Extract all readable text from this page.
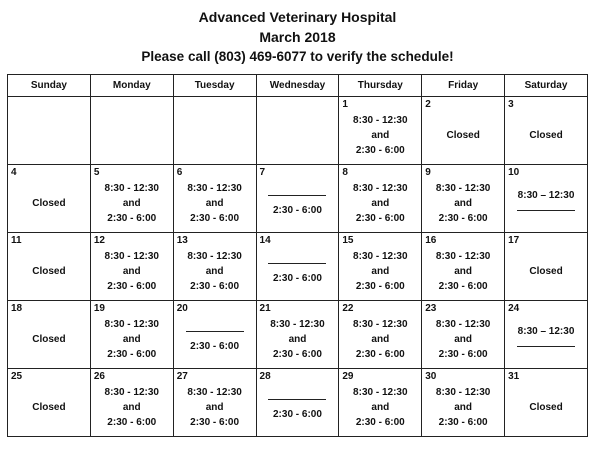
Advanced Veterinary Hospital
March 2018
Please call (803) 469-6077 to verify the schedule!
Sunday	Monday	Tuesday	Wednesday	Thursday	Friday	Saturday

				1
8:30 - 12:30
and
2:30 - 6:00	2
Closed	3
Closed

4
Closed	5
8:30 - 12:30
and
2:30 - 6:00	6
8:30 - 12:30
and
2:30 - 6:00	7
2:30 - 6:00	8
8:30 - 12:30
and
2:30 - 6:00	9
8:30 - 12:30
and
2:30 - 6:00	10
8:30 – 12:30

11
Closed	12
8:30 - 12:30
and
2:30 - 6:00	13
8:30 - 12:30
and
2:30 - 6:00	14
2:30 - 6:00	15
8:30 - 12:30
and
2:30 - 6:00	16
8:30 - 12:30
and
2:30 - 6:00	17
Closed

18
Closed	19
8:30 - 12:30
and
2:30 - 6:00	20
2:30 - 6:00	21
8:30 - 12:30
and
2:30 - 6:00	22
8:30 - 12:30
and
2:30 - 6:00	23
8:30 - 12:30
and
2:30 - 6:00	24
8:30 – 12:30

25
Closed	26
8:30 - 12:30
and
2:30 - 6:00	27
8:30 - 12:30
and
2:30 - 6:00	28
2:30 - 6:00	29
8:30 - 12:30
and
2:30 - 6:00	30
8:30 - 12:30
and
2:30 - 6:00	31
Closed
